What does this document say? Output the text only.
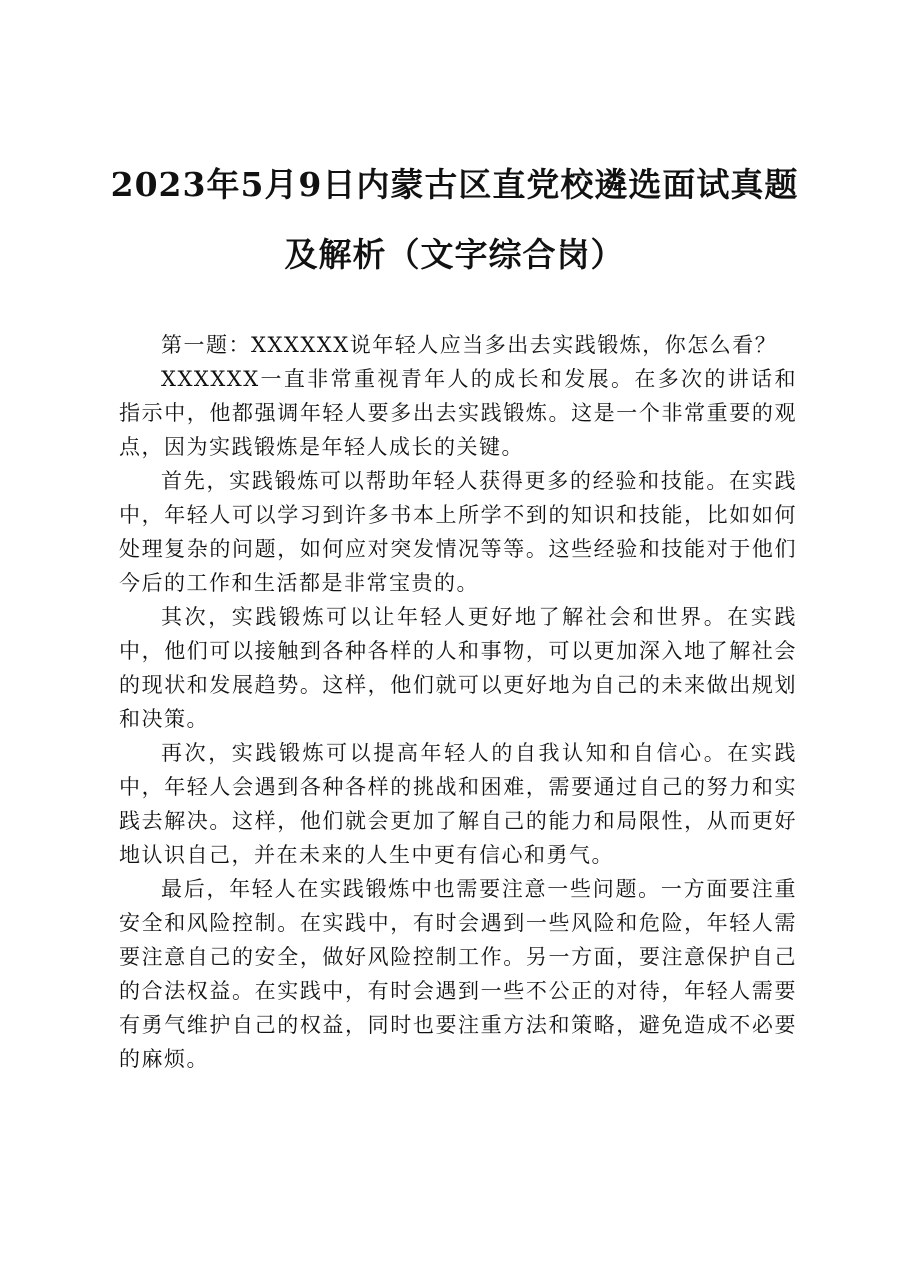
2023年5月9日内蒙古区直党校遴选面试真题
及解析（文字综合岗）

第一题：XXXXXX说年轻人应当多出去实践锻炼，你怎么看？

XXXXXX一直非常重视青年人的成长和发展。在多次的讲话和指示中，他都强调年轻人要多出去实践锻炼。这是一个非常重要的观点，因为实践锻炼是年轻人成长的关键。

首先，实践锻炼可以帮助年轻人获得更多的经验和技能。在实践中，年轻人可以学习到许多书本上所学不到的知识和技能，比如如何处理复杂的问题，如何应对突发情况等等。这些经验和技能对于他们今后的工作和生活都是非常宝贵的。

其次，实践锻炼可以让年轻人更好地了解社会和世界。在实践中，他们可以接触到各种各样的人和事物，可以更加深入地了解社会的现状和发展趋势。这样，他们就可以更好地为自己的未来做出规划和决策。

再次，实践锻炼可以提高年轻人的自我认知和自信心。在实践中，年轻人会遇到各种各样的挑战和困难，需要通过自己的努力和实践去解决。这样，他们就会更加了解自己的能力和局限性，从而更好地认识自己，并在未来的人生中更有信心和勇气。

最后，年轻人在实践锻炼中也需要注意一些问题。一方面要注重安全和风险控制。在实践中，有时会遇到一些风险和危险，年轻人需要注意自己的安全，做好风险控制工作。另一方面，要注意保护自己的合法权益。在实践中，有时会遇到一些不公正的对待，年轻人需要有勇气维护自己的权益，同时也要注重方法和策略，避免造成不必要的麻烦。
